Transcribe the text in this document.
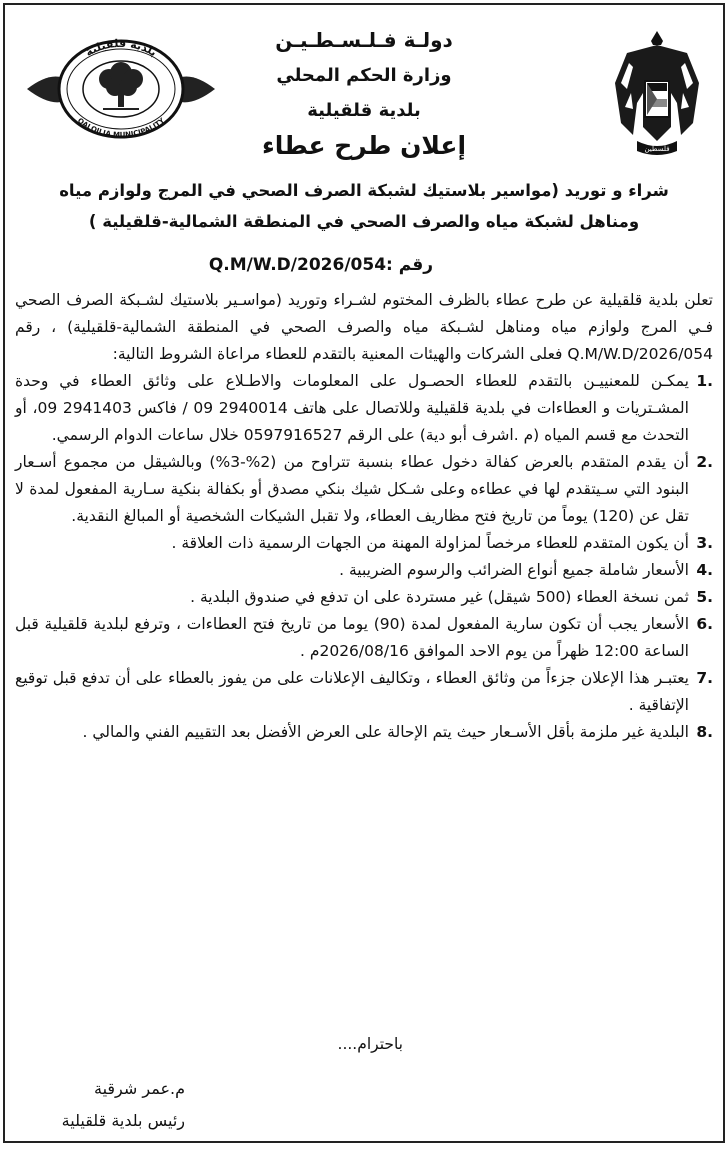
فلسطين
بلدية قلقيلية
QALQILIA MUNICIPALITY
دولـة فـلـسـطـيـن
وزارة الحكم المحلي
بلدية قلقيلية
إعلان طرح عطاء
شراء و توريد (مواسير بلاستيك لشبكة الصرف الصحي في المرج ولوازم مياه
ومناهل لشبكة مياه والصرف الصحي في المنطقة الشمالية-قلقيلية )
رقم :Q.M/W.D/2026/054

تعلن بلدية قلقيلية عن طرح عطاء بالظرف المختوم لشـراء وتوريد (مواسـير بلاستيك لشـبكة الصرف الصحي فـي المرج ولوازم مياه ومناهل لشـبكة مياه والصرف الصحي في المنطقة الشمالية-قلقيلية) ، رقم Q.M/W.D/2026/054 فعلى الشركات والهيئات المعنية بالتقدم للعطاء مراعاة الشروط التالية:

.1
يمكـن للمعنييـن بالتقدم للعطاء الحصـول على المعلومات والاطـلاع على وثائق العطاء في وحدة المشـتريات و العطاءات في بلدية قلقيلية وللاتصال على هاتف 2940014 09 / فاكس 2941403 09، أو التحدث مع قسم المياه (م .اشرف أبو دية) على الرقم 0597916527 خلال ساعات الدوام الرسمي.

.2
أن يقدم المتقدم بالعرض كفالة دخول عطاء بنسبة تتراوح من (2%-3%) وبالشيقل من مجموع أسـعار البنود التي سـيتقدم لها في عطاءه وعلى شـكل شيك بنكي مصدق أو بكفالة بنكية سـارية المفعول لمدة لا تقل عن (120) يوماً من تاريخ فتح مظاريف العطاء، ولا تقبل الشيكات الشخصية أو المبالغ النقدية.

.3
أن يكون المتقدم للعطاء مرخصاً لمزاولة المهنة من الجهات الرسمية ذات العلاقة .

.4
الأسعار شاملة جميع أنواع الضرائب والرسوم الضريبية .

.5
ثمن نسخة العطاء (500 شيقل) غير مستردة على ان تدفع في صندوق البلدية .

.6
الأسعار يجب أن تكون سارية المفعول لمدة (90) يوما من تاريخ فتح العطاءات ، وترفع لبلدية قلقيلية قبل الساعة 12:00 ظهراً من يوم الاحد الموافق 2026/08/16م .

.7
يعتبـر هذا الإعلان جزءاً من وثائق العطاء ، وتكاليف الإعلانات على من يفوز بالعطاء على أن تدفع قبل توقيع الإتفاقية .

.8
البلدية غير ملزمة بأقل الأسـعار حيث يتم الإحالة على العرض الأفضل بعد التقييم الفني والمالي .

باحترام....
م.عمر شرقية
رئيس بلدية قلقيلية
